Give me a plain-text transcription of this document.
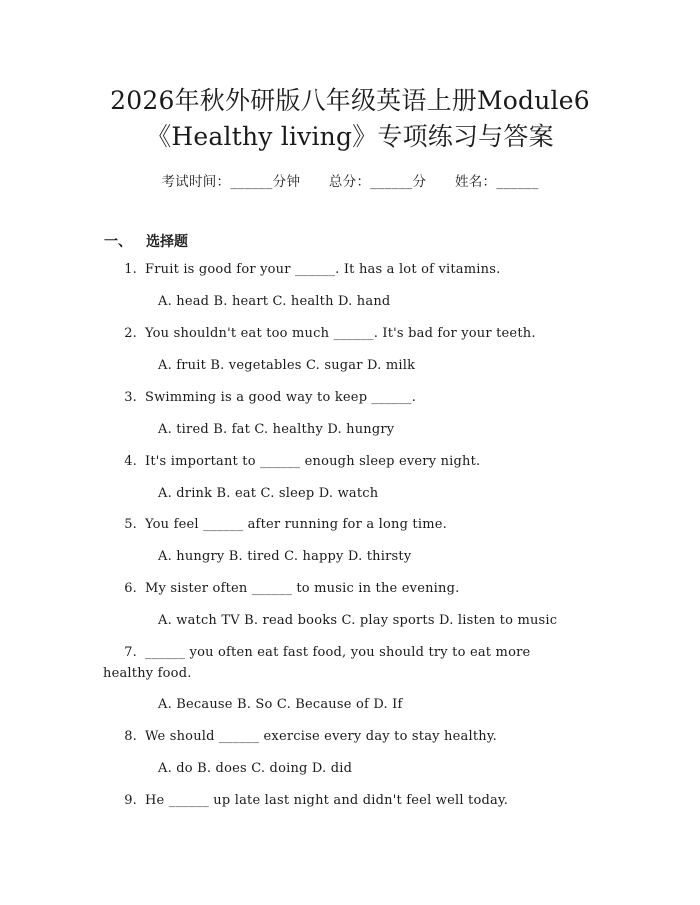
2026年秋外研版八年级英语上册Module6
《Healthy living》专项练习与答案
考试时间：______分钟 总分：______分 姓名：______
一、 选择题
1. Fruit is good for your ______. It has a lot of vitamins.
A. head B. heart C. health D. hand
2. You shouldn't eat too much ______. It's bad for your teeth.
A. fruit B. vegetables C. sugar D. milk
3. Swimming is a good way to keep ______.
A. tired B. fat C. healthy D. hungry
4. It's important to ______ enough sleep every night.
A. drink B. eat C. sleep D. watch
5. You feel ______ after running for a long time.
A. hungry B. tired C. happy D. thirsty
6. My sister often ______ to music in the evening.
A. watch TV B. read books C. play sports D. listen to music
7. ______ you often eat fast food, you should try to eat more
healthy food.
A. Because B. So C. Because of D. If
8. We should ______ exercise every day to stay healthy.
A. do B. does C. doing D. did
9. He ______ up late last night and didn't feel well today.
